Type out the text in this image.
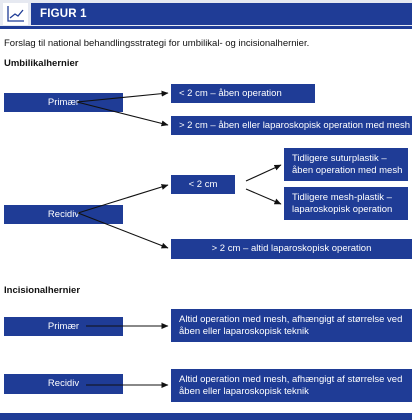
FIGUR 1
Forslag til national behandlingsstrategi for umbilikal- og incisionalhernier.
Umbilikalhernier
Primær
< 2 cm – åben operation
> 2 cm – åben eller laparoskopisk operation med mesh
Recidiv
< 2 cm
Tidligere suturplastik – åben operation med mesh
Tidligere mesh-plastik – laparoskopisk operation
> 2 cm – altid laparoskopisk operation
Incisionalhernier
Primær
Altid operation med mesh, afhængigt af størrelse ved åben eller laparoskopisk teknik
Recidiv	Altid operation med mesh, afhængigt af størrelse ved åben eller laparoskopisk teknik
